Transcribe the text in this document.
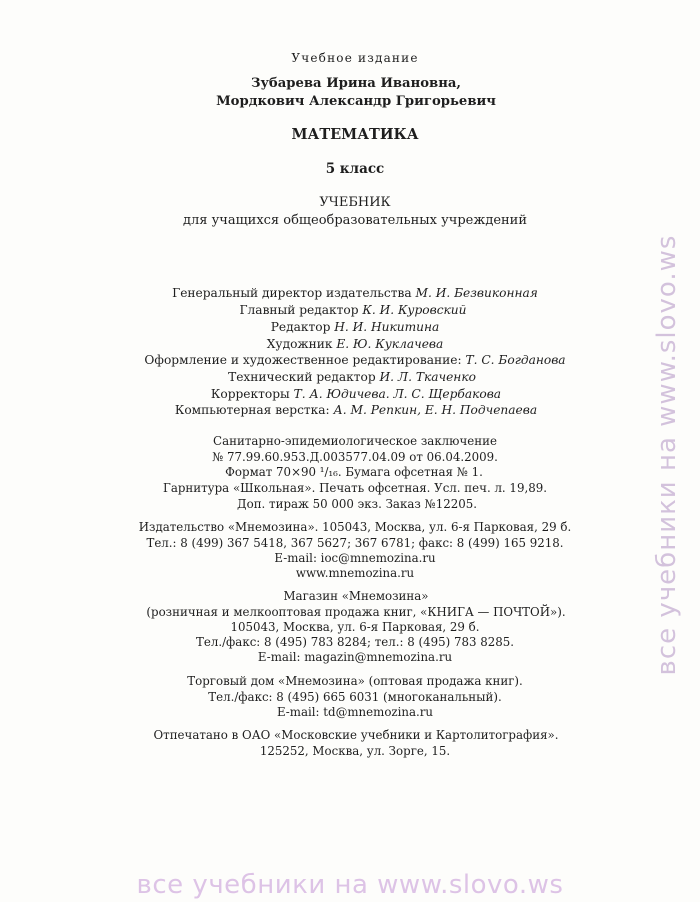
Учебное издание
Зубарева Ирина Ивановна,
Мордкович Александр Григорьевич
МАТЕМАТИКА
5 класс
УЧЕБНИК
для учащихся общеобразовательных учреждений
Генеральный директор издательства М. И. Безвиконная
Главный редактор К. И. Куровский
Редактор Н. И. Никитина
Художник Е. Ю. Куклачева
Оформление и художественное редактирование: Т. С. Богданова
Технический редактор И. Л. Ткаченко
Корректоры Т. А. Юдичева. Л. С. Щербакова
Компьютерная верстка: А. М. Репкин, Е. Н. Подчепаева
Санитарно-эпидемиологическое заключение
№ 77.99.60.953.Д.003577.04.09 от 06.04.2009.
Формат 70×90 ¹/₁₆. Бумага офсетная № 1.
Гарнитура «Школьная». Печать офсетная. Усл. печ. л. 19,89.
Доп. тираж 50 000 экз. Заказ №12205.
Издательство «Мнемозина». 105043, Москва, ул. 6-я Парковая, 29 б.
Тел.: 8 (499) 367 5418, 367 5627; 367 6781; факс: 8 (499) 165 9218.
E-mail: ioc@mnemozina.ru
www.mnemozina.ru
Магазин «Мнемозина»
(розничная и мелкооптовая продажа книг, «КНИГА — ПОЧТОЙ»).
105043, Москва, ул. 6-я Парковая, 29 б.
Тел./факс: 8 (495) 783 8284; тел.: 8 (495) 783 8285.
E-mail: magazin@mnemozina.ru
Торговый дом «Мнемозина» (оптовая продажа книг).
Тел./факс: 8 (495) 665 6031 (многоканальный).
E-mail: td@mnemozina.ru
Отпечатано в ОАО «Московские учебники и Картолитография».
125252, Москва, ул. Зорге, 15.
все учебники на www.slovo.ws
все учебники на www.slovo.ws
